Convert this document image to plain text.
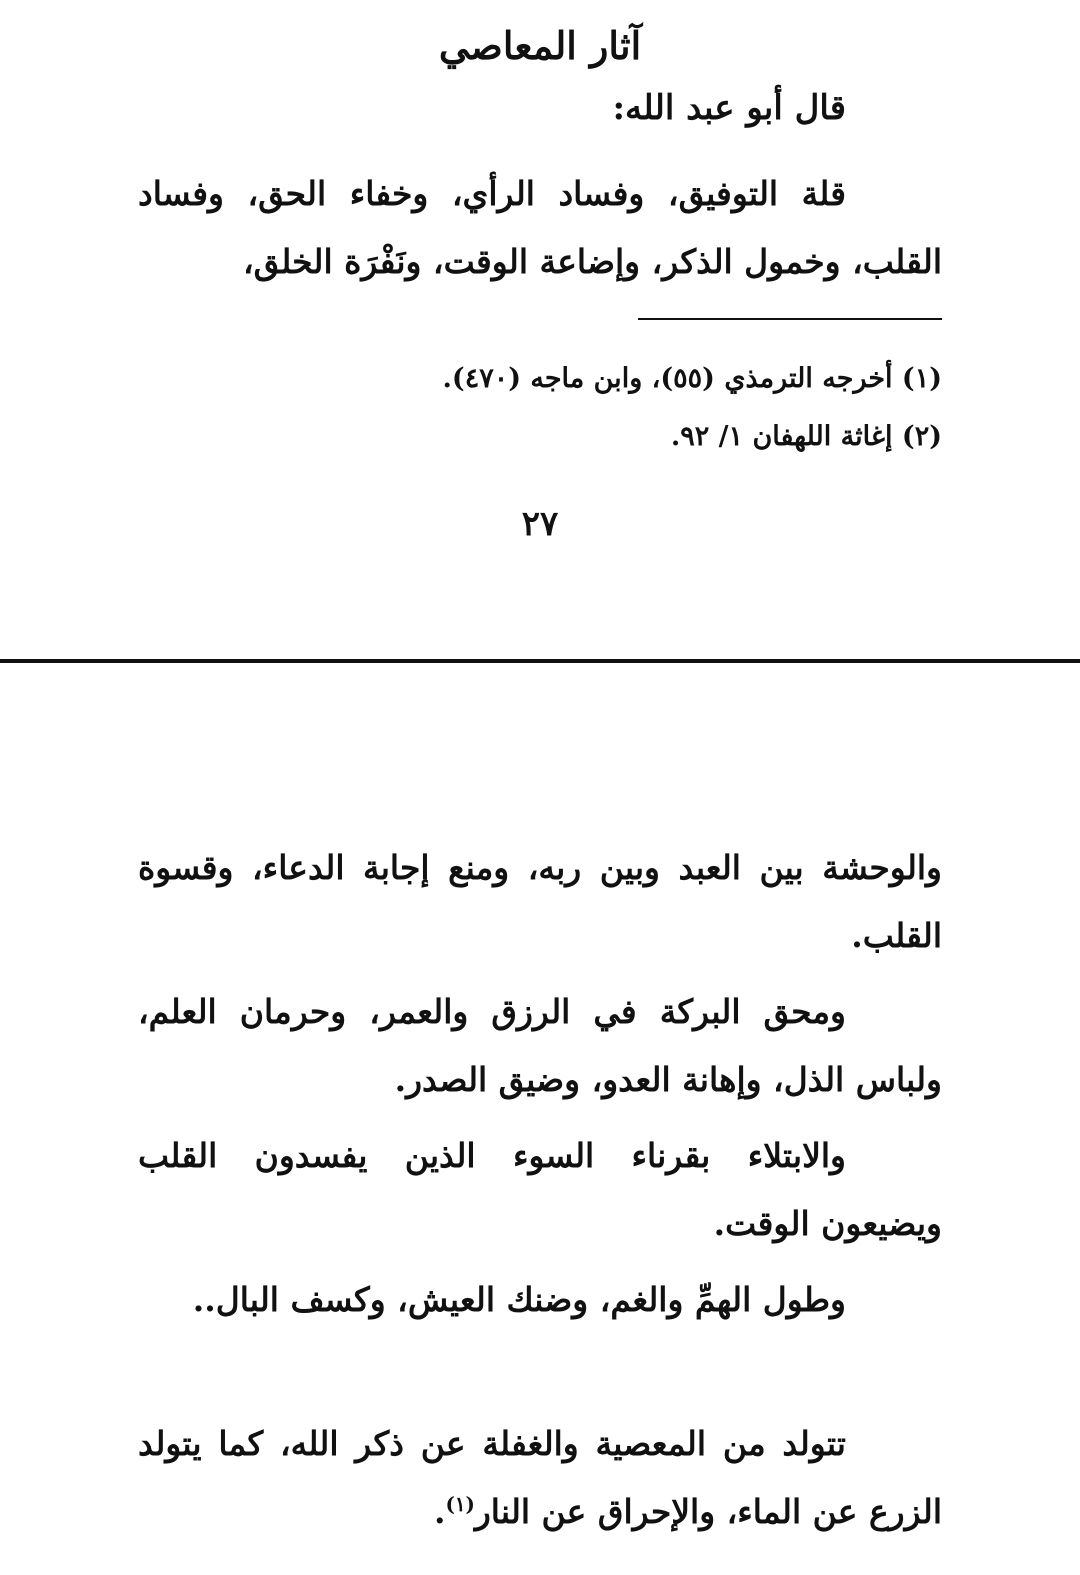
آثار المعاصي
قال أبو عبد الله:

قلة التوفيق، وفساد الرأي، وخفاء الحق، وفساد القلب، وخمول الذكر، وإضاعة الوقت، ونَفْرَة الخلق،

(١) أخرجه الترمذي (٥٥)، وابن ماجه (٤٧٠).
(٢) إغاثة اللهفان ١/ ٩٢.
٢٧

والوحشة بين العبد وبين ربه، ومنع إجابة الدعاء، وقسوة القلب.

ومحق البركة في الرزق والعمر، وحرمان العلم، ولباس الذل، وإهانة العدو، وضيق الصدر.

والابتلاء بقرناء السوء الذين يفسدون القلب ويضيعون الوقت.

وطول الهمِّ والغم، وضنك العيش، وكسف البال..

تتولد من المعصية والغفلة عن ذكر الله، كما يتولد الزرع عن الماء، والإحراق عن النار$^{(١)}$.
